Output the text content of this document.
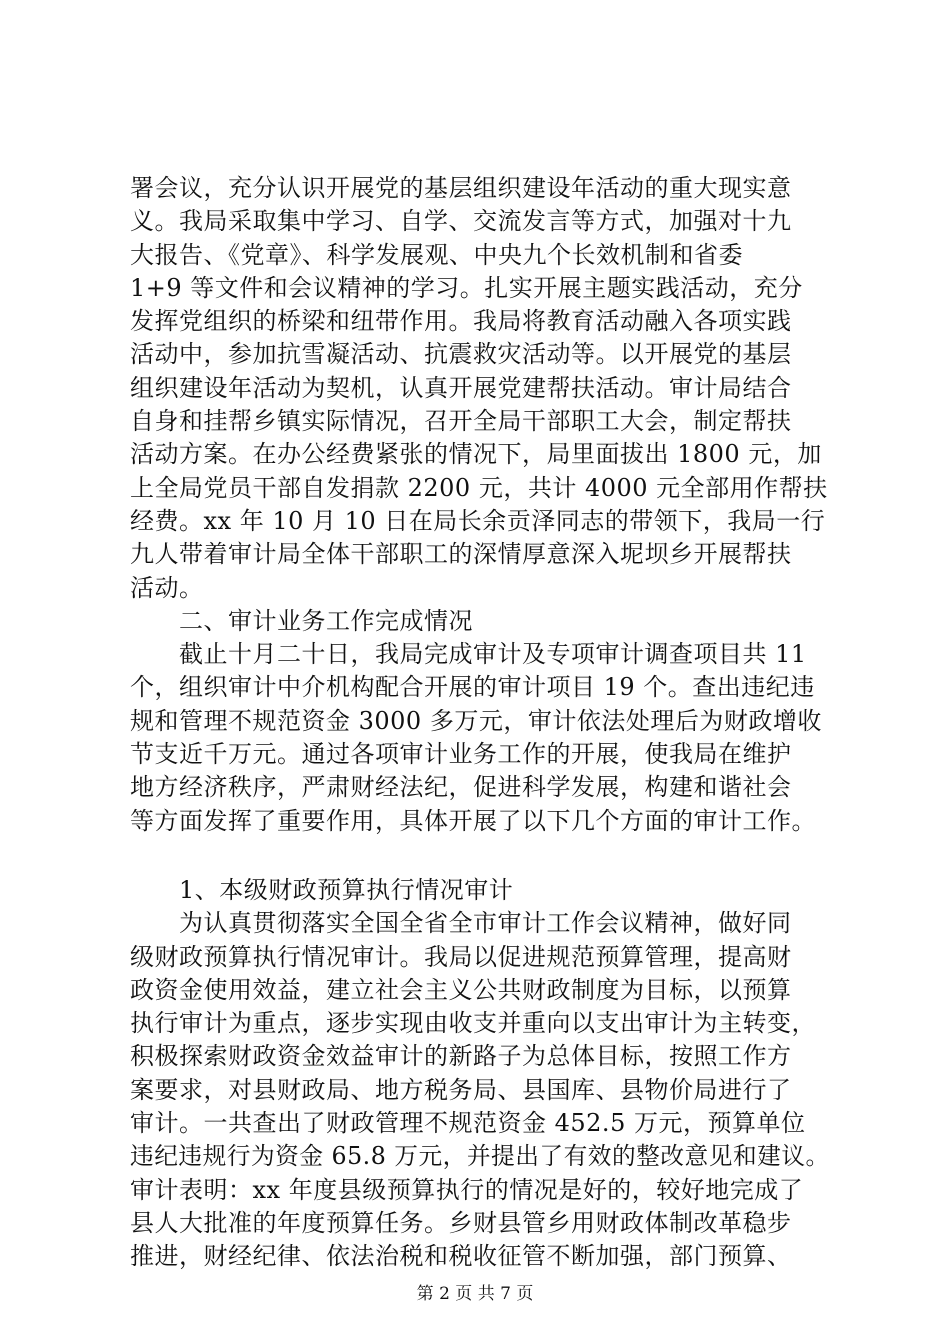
署会议，充分认识开展党的基层组织建设年活动的重大现实意
义。我局采取集中学习、自学、交流发言等方式，加强对十九
大报告、《党章》、科学发展观、中央九个长效机制和省委
1+9 等文件和会议精神的学习。扎实开展主题实践活动，充分
发挥党组织的桥梁和纽带作用。我局将教育活动融入各项实践
活动中，参加抗雪凝活动、抗震救灾活动等。以开展党的基层
组织建设年活动为契机，认真开展党建帮扶活动。审计局结合
自身和挂帮乡镇实际情况，召开全局干部职工大会，制定帮扶
活动方案。在办公经费紧张的情况下，局里面拔出 1800 元，加
上全局党员干部自发捐款 2200 元，共计 4000 元全部用作帮扶
经费。xx 年 10 月 10 日在局长余贡泽同志的带领下，我局一行
九人带着审计局全体干部职工的深情厚意深入坭坝乡开展帮扶
活动。
　　二、审计业务工作完成情况
　　截止十月二十日，我局完成审计及专项审计调查项目共 11
个，组织审计中介机构配合开展的审计项目 19 个。查出违纪违
规和管理不规范资金 3000 多万元，审计依法处理后为财政增收
节支近千万元。通过各项审计业务工作的开展，使我局在维护
地方经济秩序，严肃财经法纪，促进科学发展，构建和谐社会
等方面发挥了重要作用，具体开展了以下几个方面的审计工作。
　　1、本级财政预算执行情况审计
　　为认真贯彻落实全国全省全市审计工作会议精神，做好同
级财政预算执行情况审计。我局以促进规范预算管理，提高财
政资金使用效益，建立社会主义公共财政制度为目标，以预算
执行审计为重点，逐步实现由收支并重向以支出审计为主转变，
积极探索财政资金效益审计的新路子为总体目标，按照工作方
案要求，对县财政局、地方税务局、县国库、县物价局进行了
审计。一共查出了财政管理不规范资金 452.5 万元，预算单位
违纪违规行为资金 65.8 万元，并提出了有效的整改意见和建议。
审计表明：xx 年度县级预算执行的情况是好的，较好地完成了
县人大批准的年度预算任务。乡财县管乡用财政体制改革稳步
推进，财经纪律、依法治税和税收征管不断加强，部门预算、
第 2 页 共 7 页
